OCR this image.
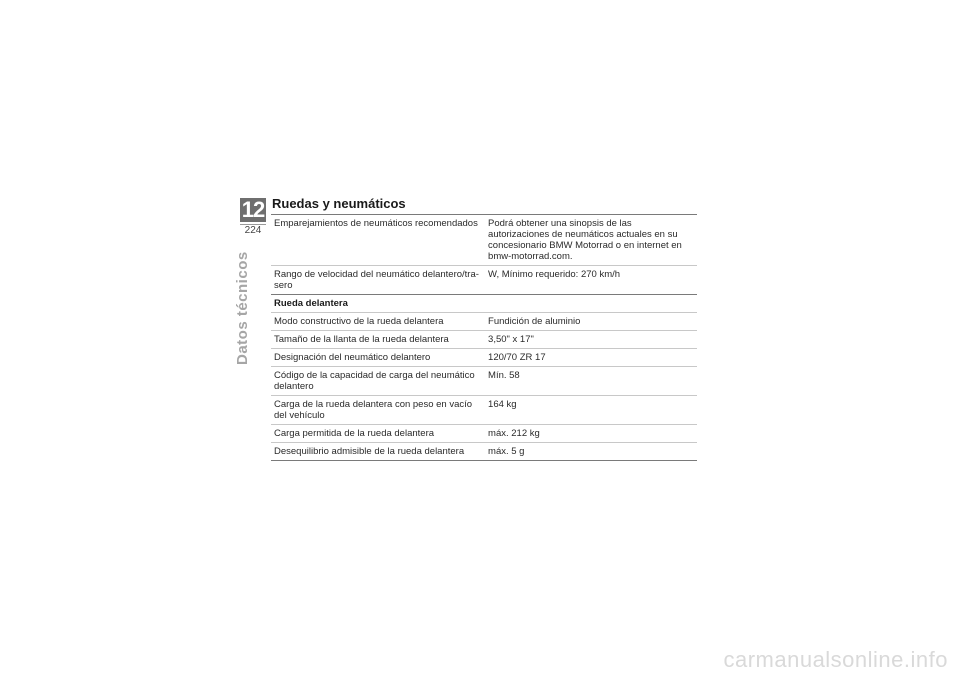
12
224
Datos técnicos
Ruedas y neumáticos
Emparejamientos de neumáticos recomendados	Podrá obtener una sinopsis de las autorizaciones de neumáticos actuales en su concesionario BMW Motorrad o en internet en bmw-motorrad.com.
Rango de velocidad del neumático delantero/tra-sero	W, Mínimo requerido: 270 km/h
Rueda delantera	
Modo constructivo de la rueda delantera	Fundición de aluminio
Tamaño de la llanta de la rueda delantera	3,50" x 17"
Designación del neumático delantero	120/70 ZR 17
Código de la capacidad de carga del neumático delantero	Mín. 58
Carga de la rueda delantera con peso en vacío del vehículo	164 kg
Carga permitida de la rueda delantera	máx. 212 kg
Desequilibrio admisible de la rueda delantera	máx. 5 g
carmanualsonline.info
